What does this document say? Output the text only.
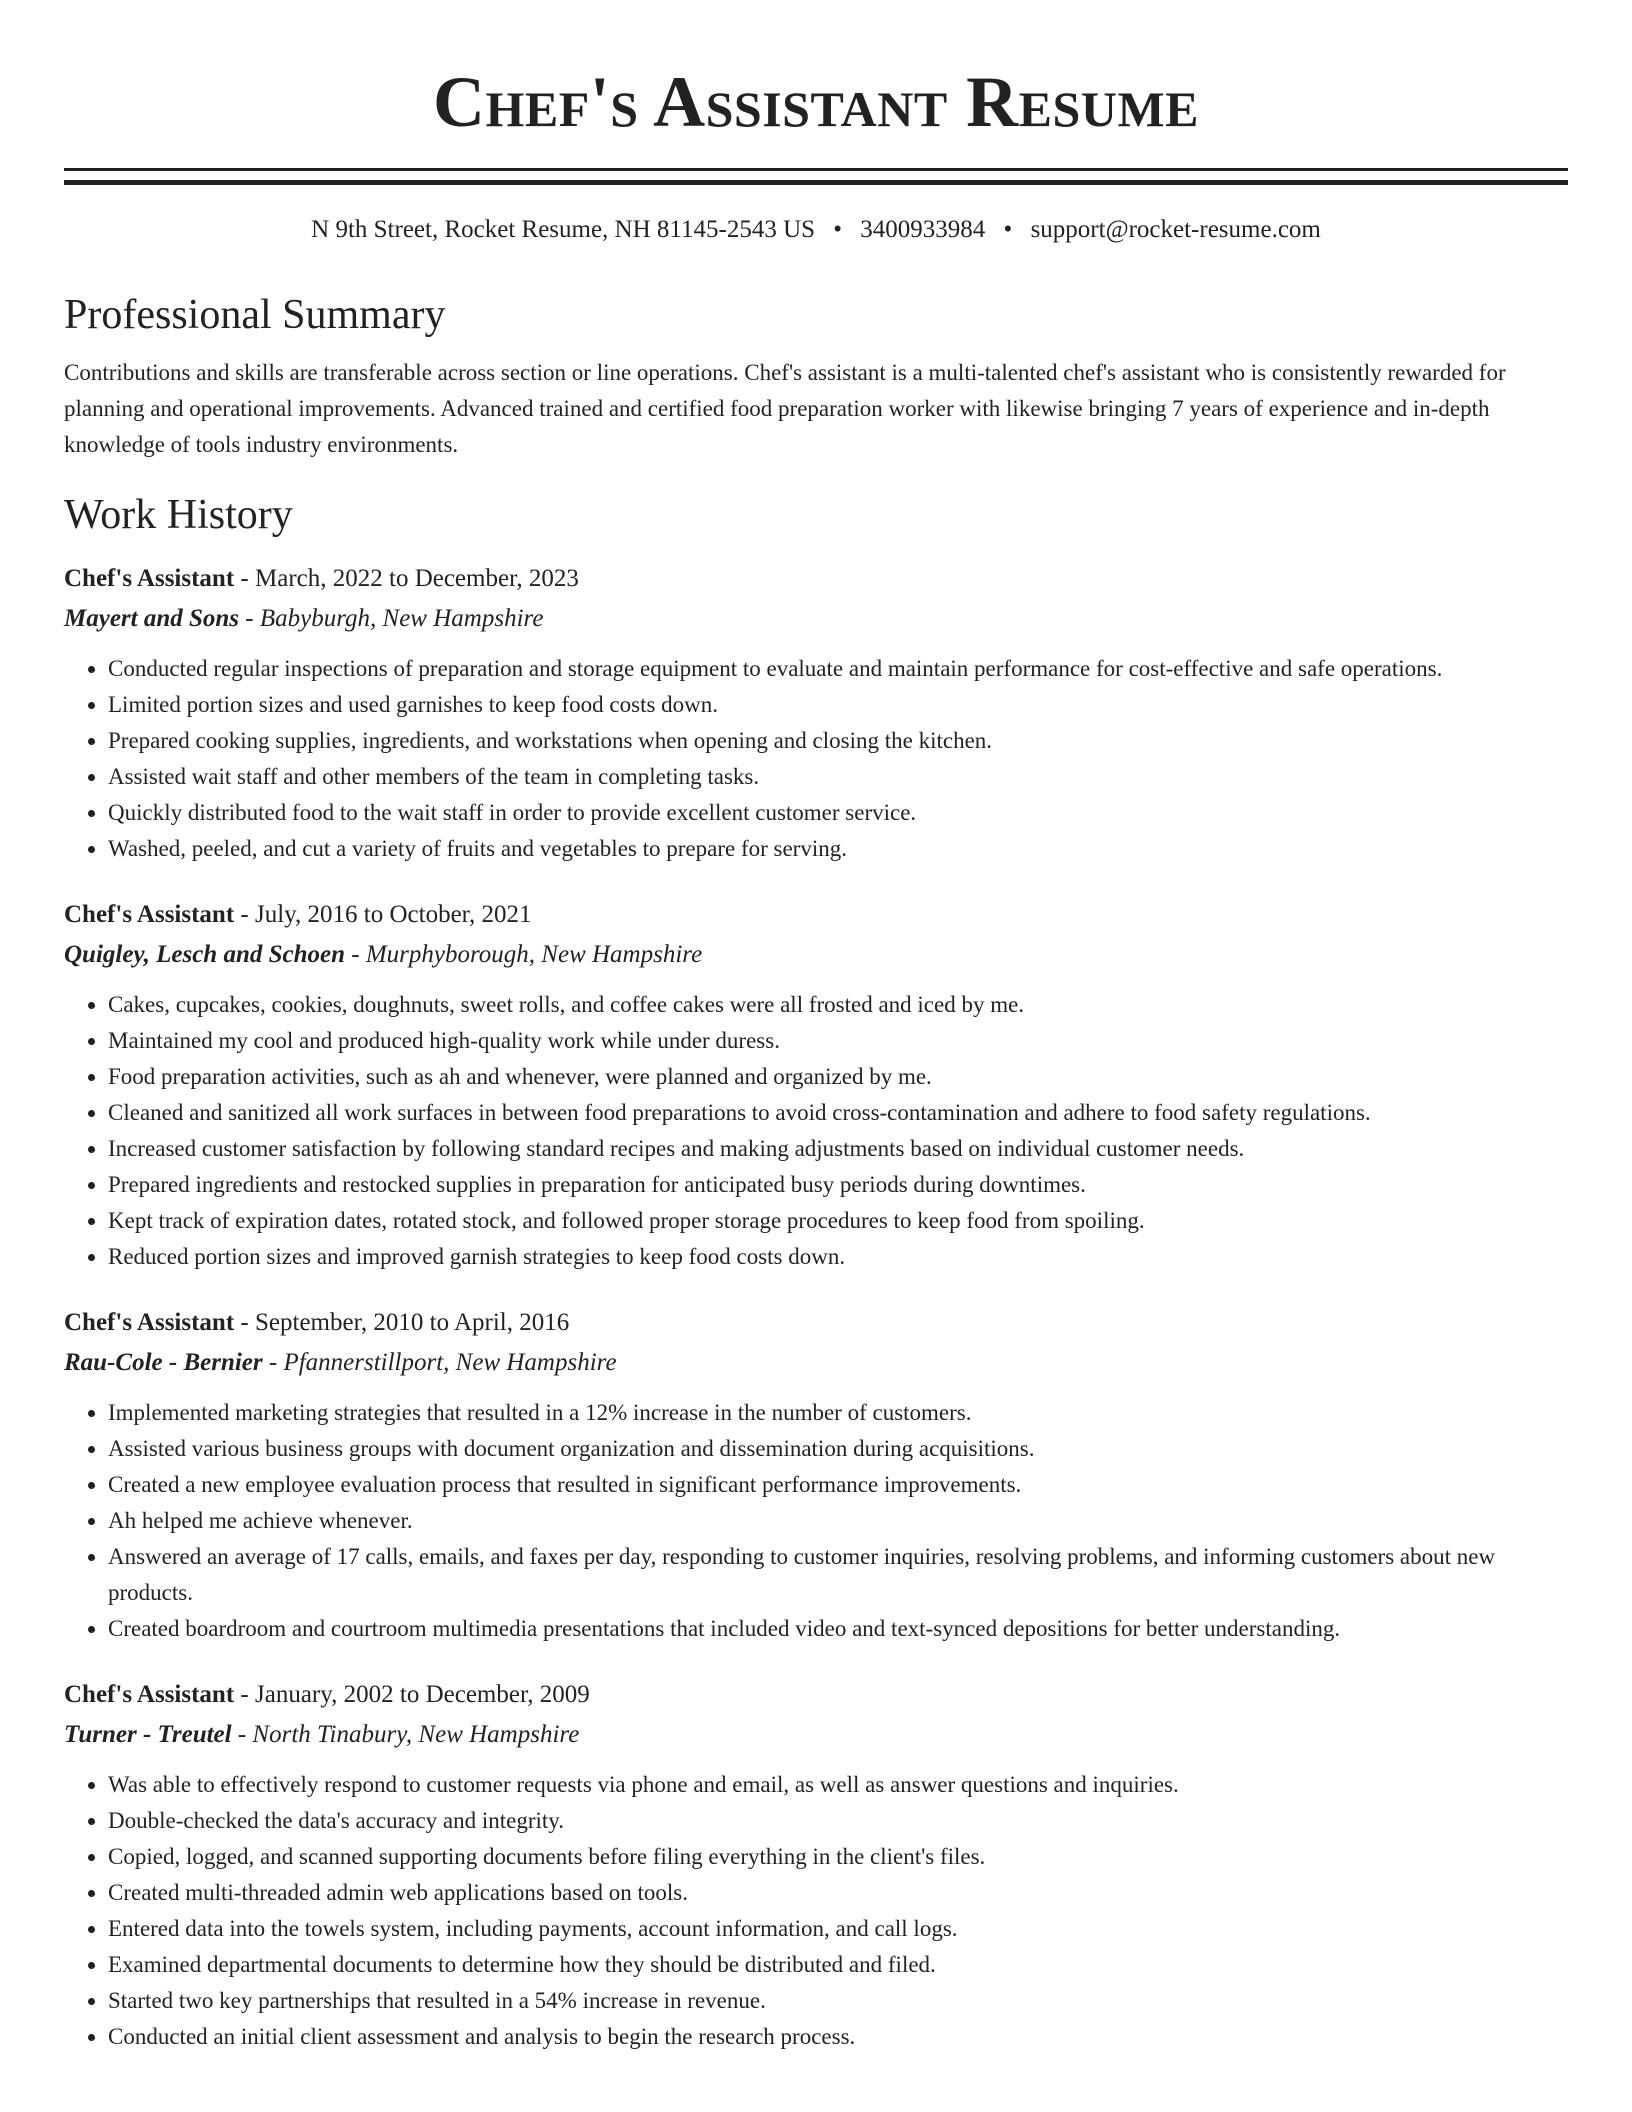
Chef's Assistant Resume
N 9th Street, Rocket Resume, NH 81145-2543 US • 3400933984 • support@rocket-resume.com
Professional Summary
Contributions and skills are transferable across section or line operations. Chef's assistant is a multi-talented chef's assistant who is consistently rewarded for planning and operational improvements. Advanced trained and certified food preparation worker with likewise bringing 7 years of experience and in-depth knowledge of tools industry environments.
Work History
Chef's Assistant - March, 2022 to December, 2023
Mayert and Sons - Babyburgh, New Hampshire
• Conducted regular inspections of preparation and storage equipment to evaluate and maintain performance for cost-effective and safe operations.
• Limited portion sizes and used garnishes to keep food costs down.
• Prepared cooking supplies, ingredients, and workstations when opening and closing the kitchen.
• Assisted wait staff and other members of the team in completing tasks.
• Quickly distributed food to the wait staff in order to provide excellent customer service.
• Washed, peeled, and cut a variety of fruits and vegetables to prepare for serving.
Chef's Assistant - July, 2016 to October, 2021
Quigley, Lesch and Schoen - Murphyborough, New Hampshire
• Cakes, cupcakes, cookies, doughnuts, sweet rolls, and coffee cakes were all frosted and iced by me.
• Maintained my cool and produced high-quality work while under duress.
• Food preparation activities, such as ah and whenever, were planned and organized by me.
• Cleaned and sanitized all work surfaces in between food preparations to avoid cross-contamination and adhere to food safety regulations.
• Increased customer satisfaction by following standard recipes and making adjustments based on individual customer needs.
• Prepared ingredients and restocked supplies in preparation for anticipated busy periods during downtimes.
• Kept track of expiration dates, rotated stock, and followed proper storage procedures to keep food from spoiling.
• Reduced portion sizes and improved garnish strategies to keep food costs down.
Chef's Assistant - September, 2010 to April, 2016
Rau-Cole - Bernier - Pfannerstillport, New Hampshire
• Implemented marketing strategies that resulted in a 12% increase in the number of customers.
• Assisted various business groups with document organization and dissemination during acquisitions.
• Created a new employee evaluation process that resulted in significant performance improvements.
• Ah helped me achieve whenever.
• Answered an average of 17 calls, emails, and faxes per day, responding to customer inquiries, resolving problems, and informing customers about new products.
• Created boardroom and courtroom multimedia presentations that included video and text-synced depositions for better understanding.
Chef's Assistant - January, 2002 to December, 2009
Turner - Treutel - North Tinabury, New Hampshire
• Was able to effectively respond to customer requests via phone and email, as well as answer questions and inquiries.
• Double-checked the data's accuracy and integrity.
• Copied, logged, and scanned supporting documents before filing everything in the client's files.
• Created multi-threaded admin web applications based on tools.
• Entered data into the towels system, including payments, account information, and call logs.
• Examined departmental documents to determine how they should be distributed and filed.
• Started two key partnerships that resulted in a 54% increase in revenue.
• Conducted an initial client assessment and analysis to begin the research process.
